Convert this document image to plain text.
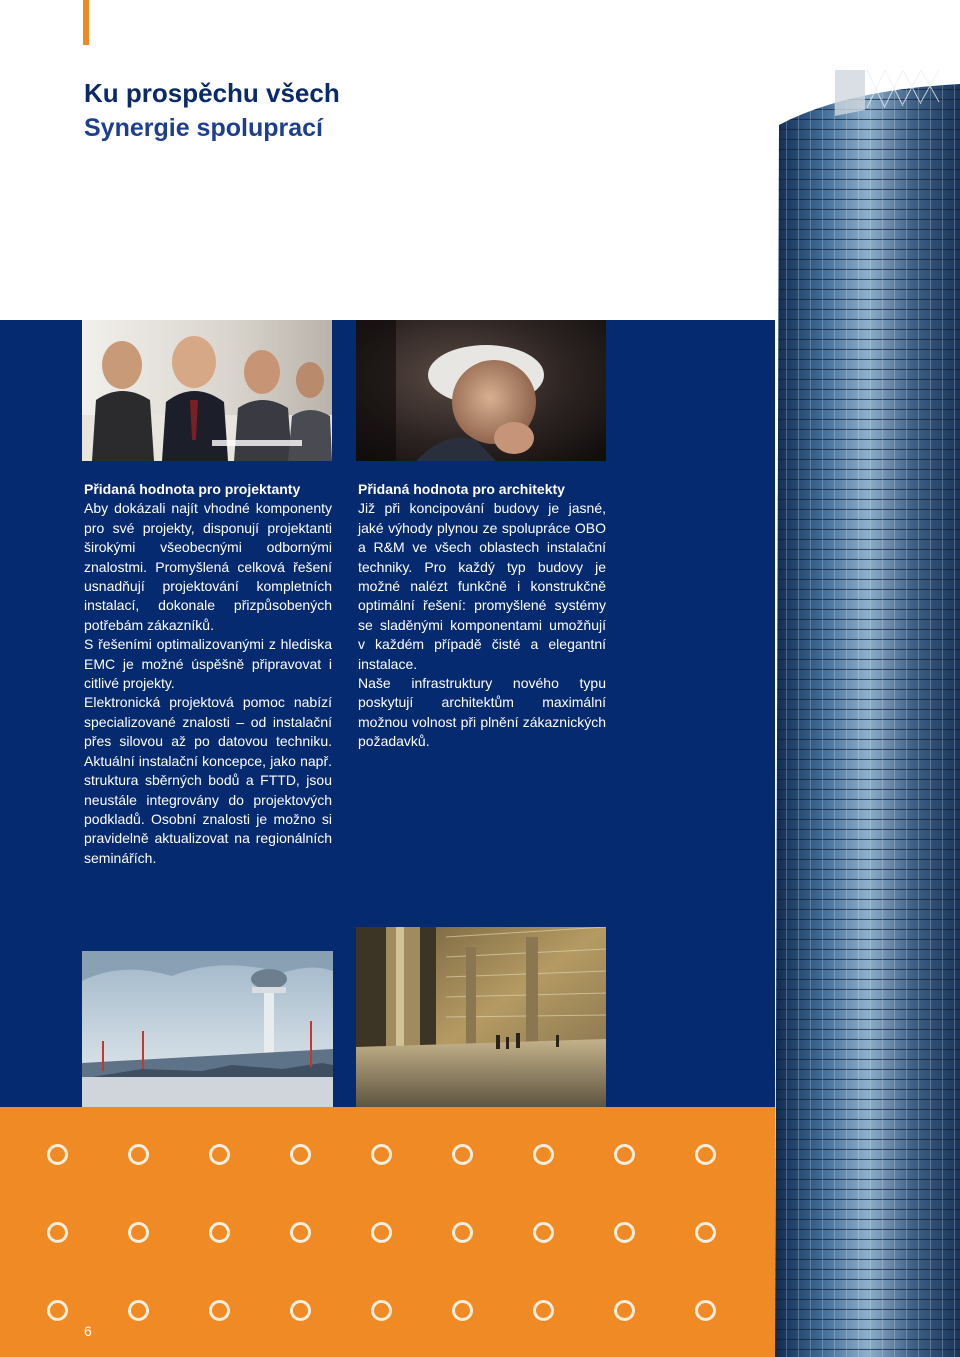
Ku prospěchu všech
Synergie spoluprací
Přidaná hodnota pro projektanty

Aby dokázali najít vhodné komponenty pro své projekty, disponují projektanti širokými všeobecnými odbornými znalostmi. Promyšlená celková řešení usnadňují projektování kompletních instalací, dokonale přizpůsobených potřebám zákazníků.

S řešeními optimalizovanými z hlediska EMC je možné úspěšně připravovat i citlivé projekty.

Elektronická projektová pomoc nabízí specializované znalosti – od instalační přes silovou až po datovou techniku. Aktuální instalační koncepce, jako např. struktura sběrných bodů a FTTD, jsou neustále integrovány do projektových podkladů. Osobní znalosti je možno si pravidelně aktualizovat na regionálních seminářích.

Přidaná hodnota pro architekty

Již při koncipování budovy je jasné, jaké výhody plynou ze spolupráce OBO a R&M ve všech oblastech instalační techniky. Pro každý typ budovy je možné nalézt funkčně i konstrukčně optimální řešení: promyšlené systémy se sladěnými komponentami umožňují v každém případě čisté a elegantní instalace.

Naše infrastruktury nového typu poskytují architektům maximální možnou volnost při plnění zákaznických požadavků.

6
